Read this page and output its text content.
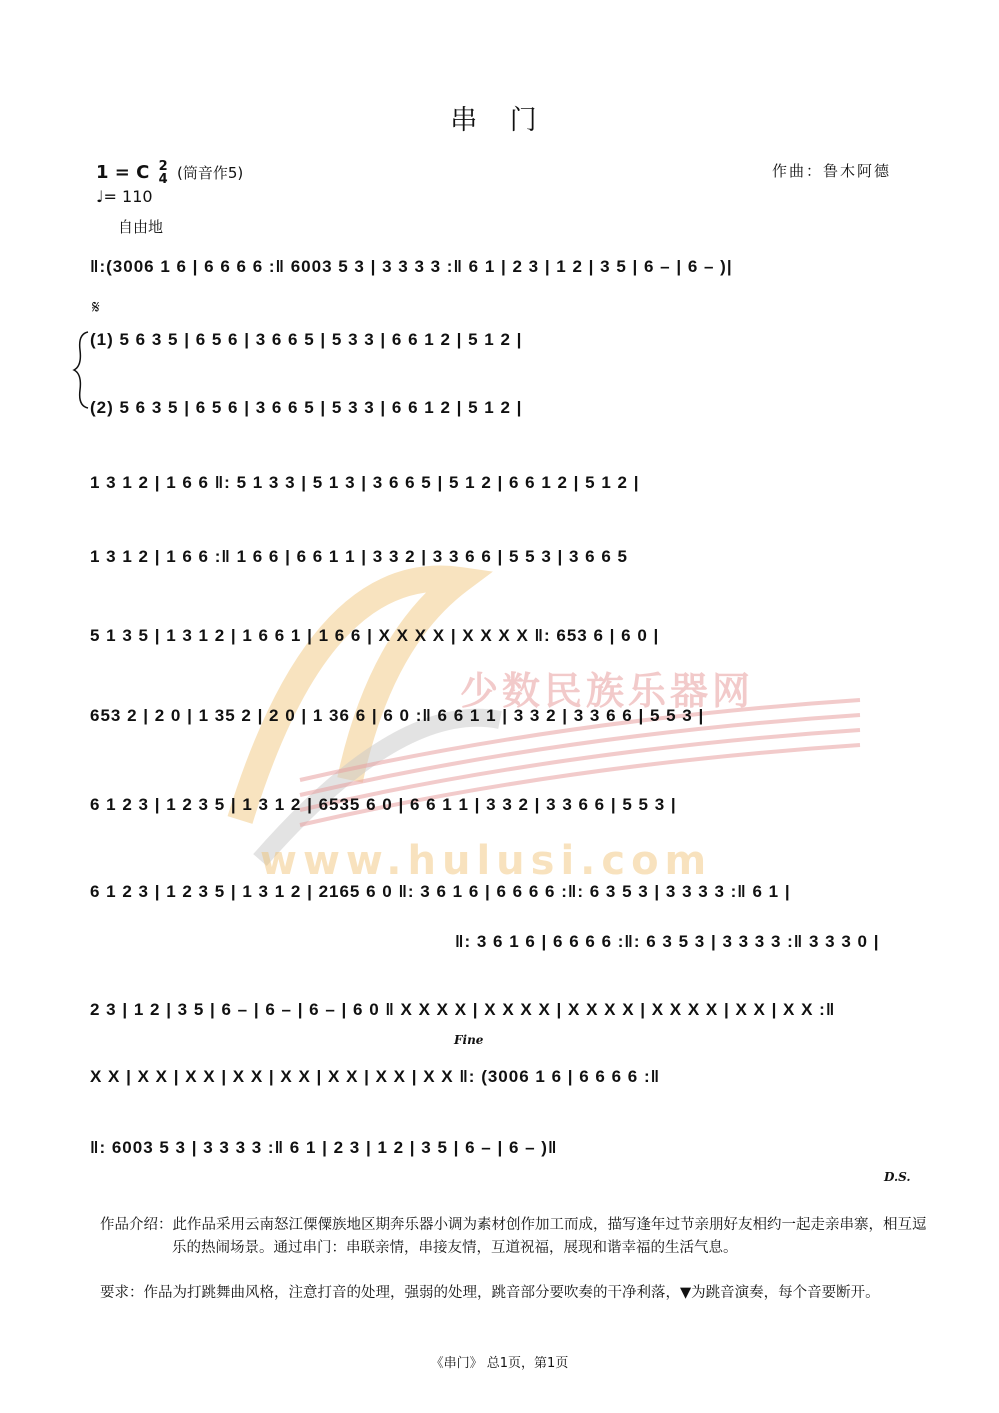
少数民族乐器网
www.hulusi.com
串 门
1 = C 2
4 (筒音作5)
♩= 110
自由地
作曲：鲁木阿德
𝄋
‖:(3006 1 6 | 6 6 6 6 :‖ 6003 5 3 | 3 3 3 3 :‖ 6 1 | 2 3 | 1 2 | 3 5 | 6 – | 6 – )|
(1) 5 6 3 5 | 6 5 6 | 3 6 6 5 | 5 3 3 | 6 6 1 2 | 5 1 2 |
(2) 5 6 3 5 | 6 5 6 | 3 6 6 5 | 5 3 3 | 6 6 1 2 | 5 1 2 |
1 3 1 2 | 1 6 6 ‖: 5 1 3 3 | 5 1 3 | 3 6 6 5 | 5 1 2 | 6 6 1 2 | 5 1 2 |
1 3 1 2 | 1 6 6 :‖ 1 6 6 | 6 6 1 1 | 3 3 2 | 3 3 6 6 | 5 5 3 | 3 6 6 5
5 1 3 5 | 1 3 1 2 | 1 6 6 1 | 1 6 6 | X X X X | X X X X ‖: 653 6 | 6 0 |
653 2 | 2 0 | 1 35 2 | 2 0 | 1 36 6 | 6 0 :‖ 6 6 1 1 | 3 3 2 | 3 3 6 6 | 5 5 3 |
6 1 2 3 | 1 2 3 5 | 1 3 1 2 | 6535 6 0 | 6 6 1 1 | 3 3 2 | 3 3 6 6 | 5 5 3 |
6 1 2 3 | 1 2 3 5 | 1 3 1 2 | 2165 6 0 ‖: 3 6 1 6 | 6 6 6 6 :‖: 6 3 5 3 | 3 3 3 3 :‖ 6 1 |
‖: 3 6 1 6 | 6 6 6 6 :‖: 6 3 5 3 | 3 3 3 3 :‖ 3 3 3 0 |
2 3 | 1 2 | 3 5 | 6 – | 6 – | 6 – | 6 0 ‖ X X X X | X X X X | X X X X | X X X X | X X | X X :‖
X X | X X | X X | X X | X X | X X | X X | X X ‖: (3006 1 6 | 6 6 6 6 :‖
‖: 6003 5 3 | 3 3 3 3 :‖ 6 1 | 2 3 | 1 2 | 3 5 | 6 – | 6 – )‖
Fine
D.S.
作品介绍：此作品采用云南怒江傈僳族地区期奔乐器小调为素材创作加工而成，描写逢年过节亲朋好友相约一起走亲串寨，相互逗乐的热闹场景。通过串门：串联亲情，串接友情，互道祝福，展现和谐幸福的生活气息。
要求：作品为打跳舞曲风格，注意打音的处理，强弱的处理，跳音部分要吹奏的干净利落，▼为跳音演奏，每个音要断开。
《串门》 总1页，第1页
